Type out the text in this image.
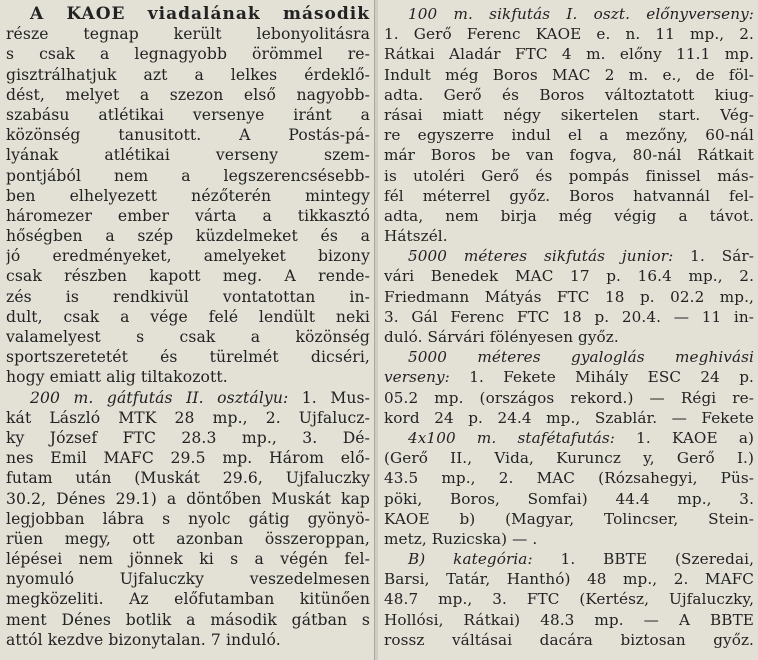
A KAOE viadalának második
része tegnap került lebonyolitásra
s csak a legnagyobb örömmel re-
gisztrálhatjuk azt a lelkes érdeklő-
dést, melyet a szezon első nagyobb-
szabásu atlétikai versenye iránt a
közönség tanusitott. A Postás-pá-
lyának atlétikai verseny szem-
pontjából nem a legszerencsésebb-
ben elhelyezett nézőterén mintegy
háromezer ember várta a tikkasztó
hőségben a szép küzdelmeket és a
jó eredményeket, amelyeket bizony
csak részben kapott meg. A rende-
zés is rendkivül vontatottan in-
dult, csak a vége felé lendült neki
valamelyest s csak a közönség
sportszeretetét és türelmét dicséri,
hogy emiatt alig tiltakozott.
200 m. gátfutás II. osztályu: 1. Mus-
kát László MTK 28 mp., 2. Ujfalucz-
ky József FTC 28.3 mp., 3. Dé-
nes Emil MAFC 29.5 mp. Három elő-
futam után (Muskát 29.6, Ujfaluczky
30.2, Dénes 29.1) a döntőben Muskát kap
legjobban lábra s nyolc gátig gyönyö-
rüen megy, ott azonban összeroppan,
lépései nem jönnek ki s a végén fel-
nyomuló Ujfaluczky veszedelmesen
megközeliti. Az előfutamban kitünően
ment Dénes botlik a második gátban s
attól kezdve bizonytalan. 7 induló.
100 m. sikfutás I. oszt. előnyverseny:
1. Gerő Ferenc KAOE e. n. 11 mp., 2.
Rátkai Aladár FTC 4 m. előny 11.1 mp.
Indult még Boros MAC 2 m. e., de föl-
adta. Gerő és Boros változtatott kiug-
rásai miatt négy sikertelen start. Vég-
re egyszerre indul el a mezőny, 60-nál
már Boros be van fogva, 80-nál Rátkait
is utoléri Gerő és pompás finissel más-
fél méterrel győz. Boros hatvannál fel-
adta, nem birja még végig a távot.
Hátszél.
5000 méteres sikfutás junior: 1. Sár-
vári Benedek MAC 17 p. 16.4 mp., 2.
Friedmann Mátyás FTC 18 p. 02.2 mp.,
3. Gál Ferenc FTC 18 p. 20.4. — 11 in-
duló. Sárvári fölényesen győz.
5000 méteres gyaloglás meghivási
verseny: 1. Fekete Mihály ESC 24 p.
05.2 mp. (országos rekord.) — Régi re-
kord 24 p. 24.4 mp., Szablár. — Fekete
4x100 m. stafétafutás: 1. KAOE a)
(Gerő II., Vida, Kuruncz y, Gerő I.)
43.5 mp., 2. MAC (Rózsahegyi, Püs-
pöki, Boros, Somfai) 44.4 mp., 3.
KAOE b) (Magyar, Tolincser, Stein-
metz, Ruzicska) — .
B) kategória: 1. BBTE (Szeredai,
Barsi, Tatár, Hanthó) 48 mp., 2. MAFC
48.7 mp., 3. FTC (Kertész, Ujfaluczky,
Hollósi, Rátkai) 48.3 mp. — A BBTE
rossz váltásai dacára biztosan győz.
